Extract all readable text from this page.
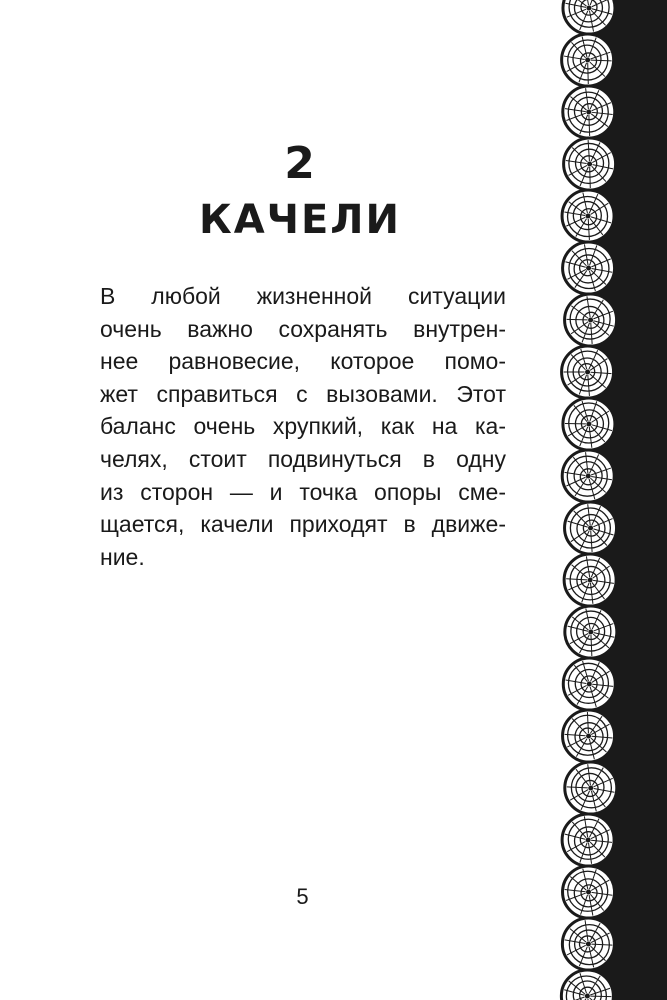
2
КАЧЕЛИ
В любой жизненной ситуации
очень важно сохранять внутрен-
нее равновесие, которое помо-
жет справиться с вызовами. Этот
баланс очень хрупкий, как на ка-
челях, стоит подвинуться в одну
из сторон — и точка опоры сме-
щается, качели приходят в движе-
ние.
5
